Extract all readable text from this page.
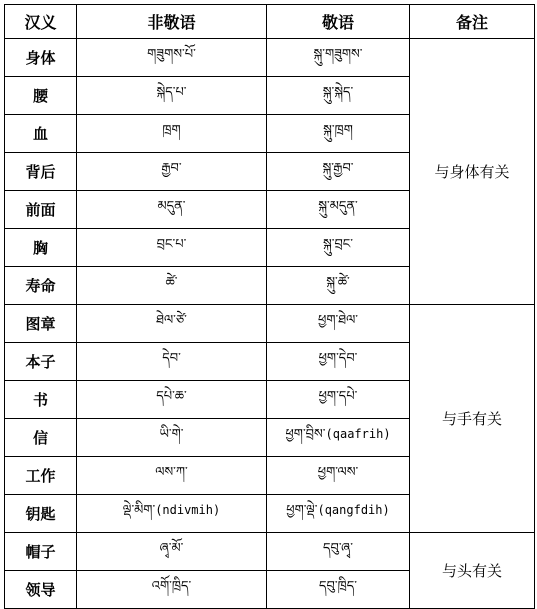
汉义	非敬语	敬语	备注
身体	གཟུགས་པོ་	སྐུ་གཟུགས་	与身体有关
腰	སྐེད་པ་	སྐུ་སྐེད་	
血	ཁྲག	སྐུ་ཁྲག	
背后	རྒྱབ་	སྐུ་རྒྱབ་	
前面	མདུན་	སྐུ་མདུན་	
胸	བྲང་པ་	སྐུ་བྲང་	
寿命	ཚེ་	སྐུ་ཚེ་	
图章	ཐེལ་ཙེ་	ཕྱག་ཐེལ་	与手有关
本子	དེབ་	ཕྱག་དེབ་	
书	དཔེ་ཆ་	ཕྱག་དཔེ་	
信	ཡི་གེ་	ཕྱག་བྲིས་(qaafrih)	
工作	ལས་ཀ་	ཕྱག་ལས་	
钥匙	ལྡེ་མིག་(ndivmih)	ཕྱག་ལྡེ་(qangfdih)	
帽子	ཞྭ་མོ་	དབུ་ཞྭ་	与头有关
领导	འགོ་ཁྲིད་	དབུ་ཁྲིད་	
